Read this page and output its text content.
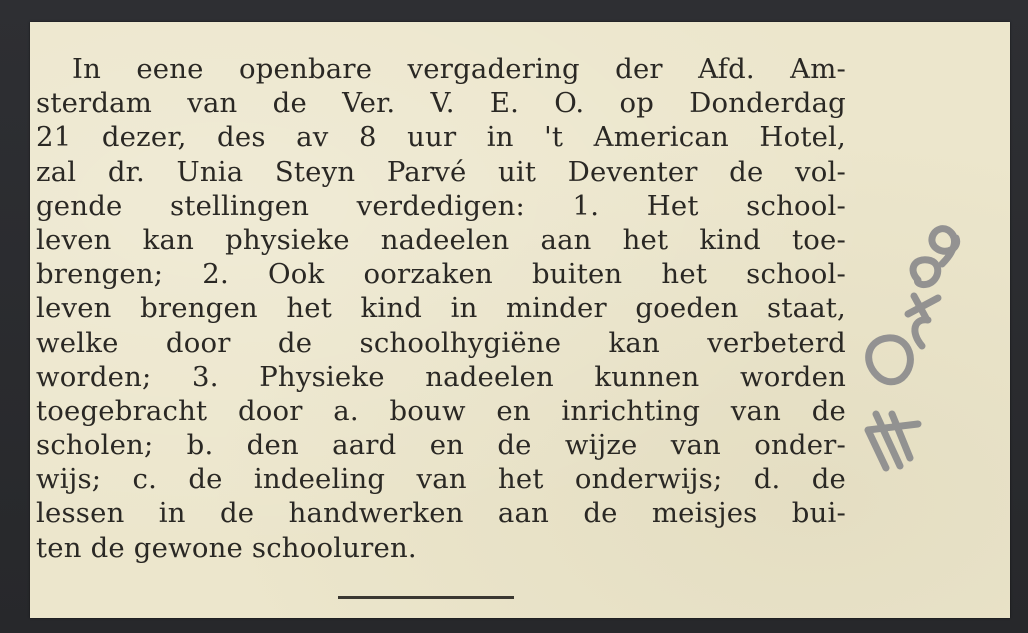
In eene openbare vergadering der Afd. Am-
sterdam van de Ver. V. E. O. op Donderdag
21 dezer, des av 8 uur in 't American Hotel,
zal dr. Unia Steyn Parvé uit Deventer de vol-
gende stellingen verdedigen: 1. Het school-
leven kan physieke nadeelen aan het kind toe-
brengen; 2. Ook oorzaken buiten het school-
leven brengen het kind in minder goeden staat,
welke door de schoolhygiëne kan verbeterd
worden; 3. Physieke nadeelen kunnen worden
toegebracht door a. bouw en inrichting van de
scholen; b. den aard en de wijze van onder-
wijs; c. de indeeling van het onderwijs; d. de
lessen in de handwerken aan de meisjes bui-
ten de gewone schooluren.
